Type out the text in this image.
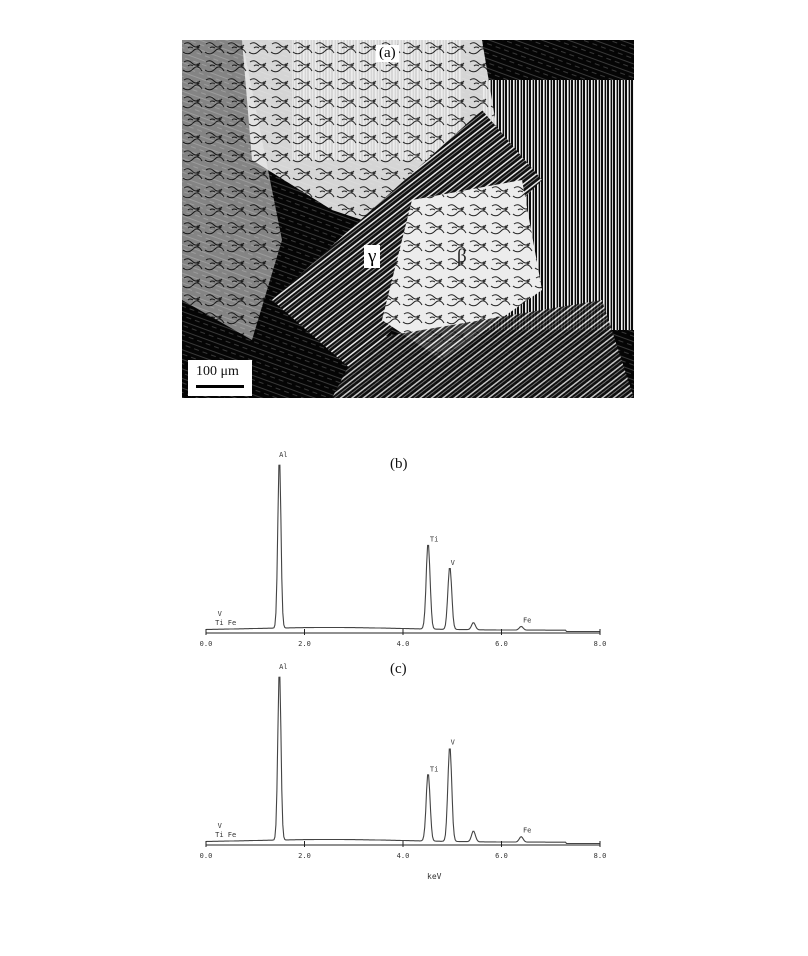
(a)
γ	β
100 μm
0.0	2.0	4.0	6.0	8.0
Al
Ti
V
Fe
V
Ti Fe
(b)
0.0	2.0	4.0	6.0	8.0
Al
Ti
V
Fe
V
Ti Fe
(c)
keV
